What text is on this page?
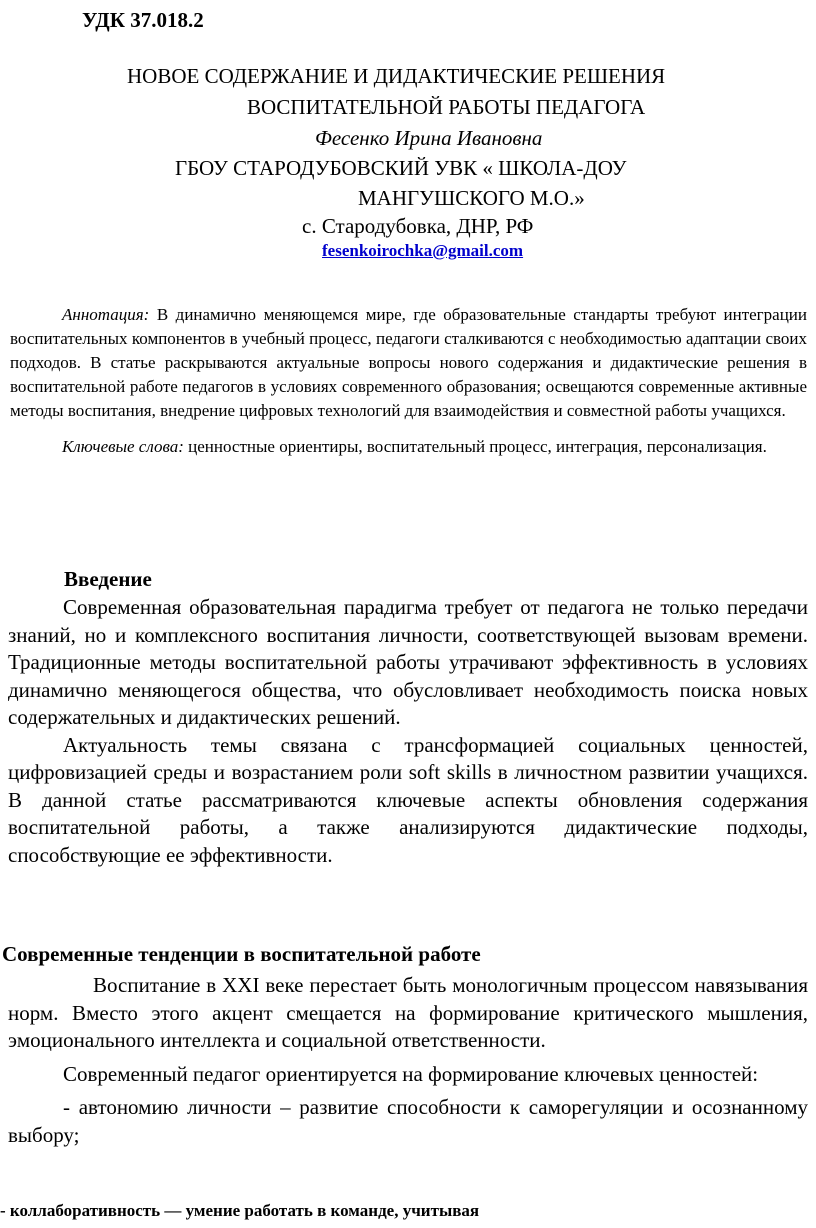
УДК 37.018.2
НОВОЕ СОДЕРЖАНИЕ И ДИДАКТИЧЕСКИЕ РЕШЕНИЯ
ВОСПИТАТЕЛЬНОЙ РАБОТЫ ПЕДАГОГА
Фесенко Ирина Ивановна
ГБОУ СТАРОДУБОВСКИЙ УВК « ШКОЛА-ДОУ
МАНГУШСКОГО М.О.»
с. Стародубовка, ДНР, РФ
fesenkoirochka@gmail.com

Аннотация: В динамично меняющемся мире, где образовательные стандарты требуют интеграции воспитательных компонентов в учебный процесс, педагоги сталкиваются с необходимостью адаптации своих подходов. В статье раскрываются актуальные вопросы нового содержания и дидактические решения в воспитательной работе педагогов в условиях современного образования; освещаются современные активные методы воспитания, внедрение цифровых технологий для взаимодействия и совместной работы учащихся.

Ключевые слова: ценностные ориентиры, воспитательный процесс, интеграция, персонализация.

Введение

Современная образовательная парадигма требует от педагога не только передачи знаний, но и комплексного воспитания личности, соответствующей вызовам времени. Традиционные методы воспитательной работы утрачивают эффективность в условиях динамично меняющегося общества, что обусловливает необходимость поиска новых содержательных и дидактических решений.

Актуальность темы связана с трансформацией социальных ценностей, цифровизацией среды и возрастанием роли soft skills в личностном развитии учащихся. В данной статье рассматриваются ключевые аспекты обновления содержания воспитательной работы, а также анализируются дидактические подходы, способствующие ее эффективности.

Современные тенденции в воспитательной работе

Воспитание в XXI веке перестает быть монологичным процессом навязывания норм. Вместо этого акцент смещается на формирование критического мышления, эмоционального интеллекта и социальной ответственности.

Современный педагог ориентируется на формирование ключевых ценностей:

- автономию личности – развитие способности к саморегуляции и осознанному выбору;

- коллаборативность — умение работать в команде, учитывая
